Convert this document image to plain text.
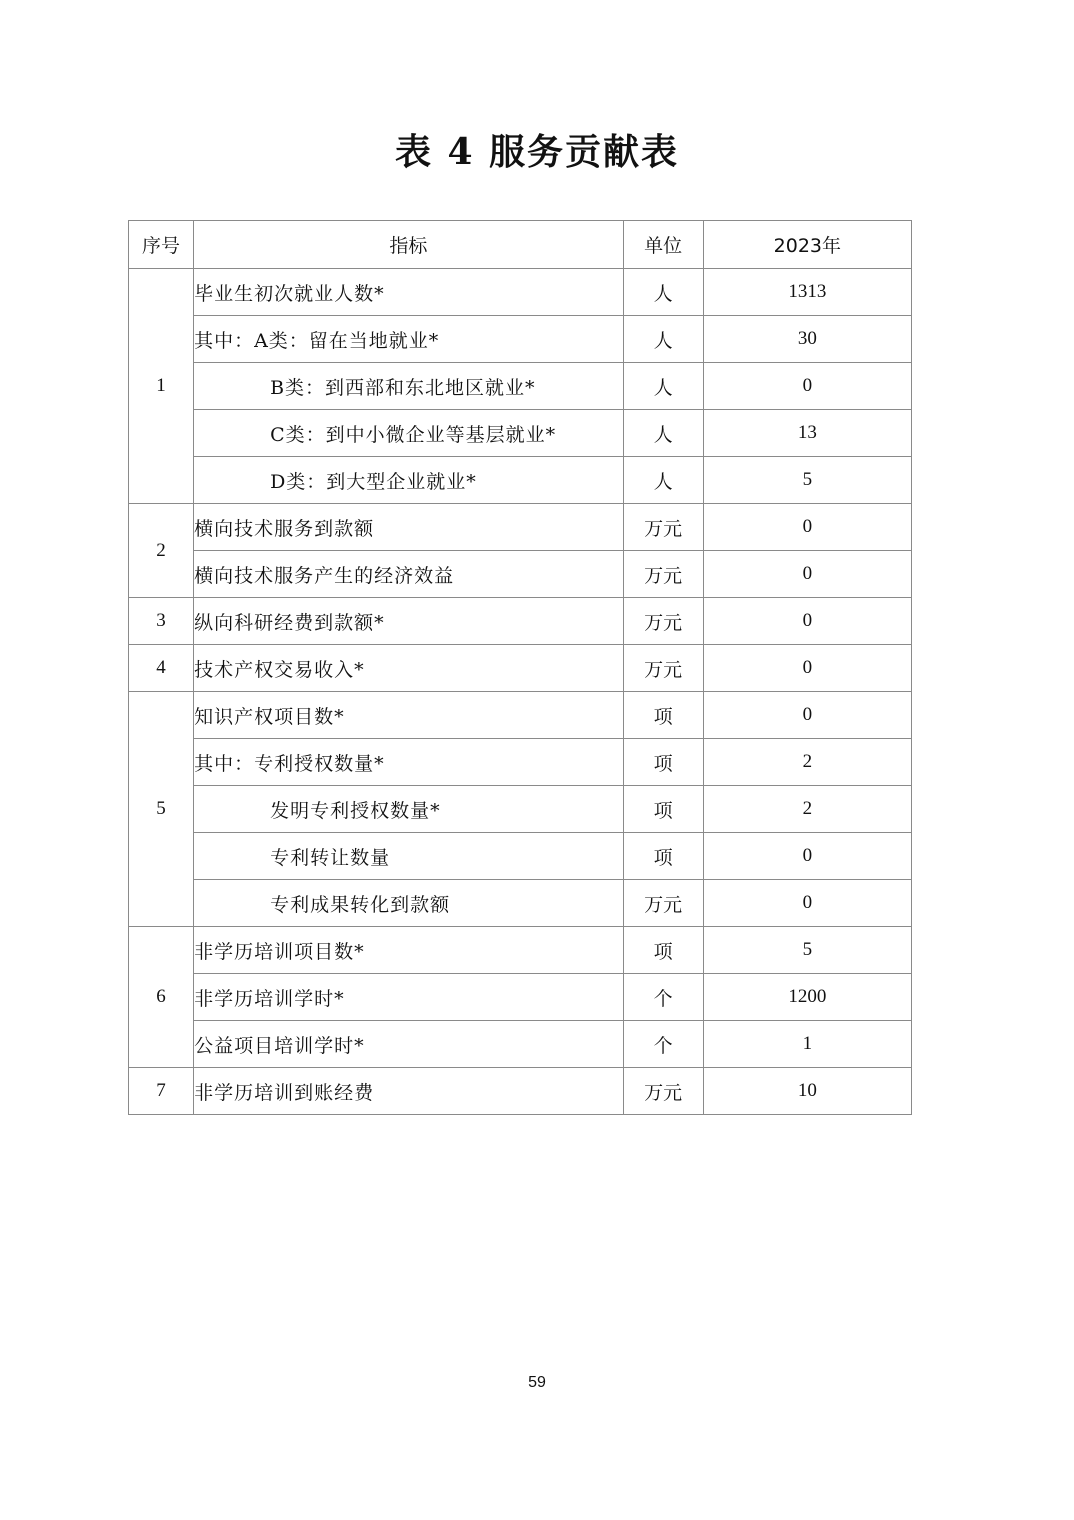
表 4 服务贡献表
序号	指标	单位	2023年
1	毕业生初次就业人数*	人	1313
	其中：A类：留在当地就业*	人	30
	B类：到西部和东北地区就业*	人	0
	C类：到中小微企业等基层就业*	人	13
	D类：到大型企业就业*	人	5
2	横向技术服务到款额	万元	0
	横向技术服务产生的经济效益	万元	0
3	纵向科研经费到款额*	万元	0
4	技术产权交易收入*	万元	0
5	知识产权项目数*	项	0
	其中：专利授权数量*	项	2
	发明专利授权数量*	项	2
	专利转让数量	项	0
	专利成果转化到款额	万元	0
6	非学历培训项目数*	项	5
	非学历培训学时*	个	1200
	公益项目培训学时*	个	1
7	非学历培训到账经费	万元	10
59
